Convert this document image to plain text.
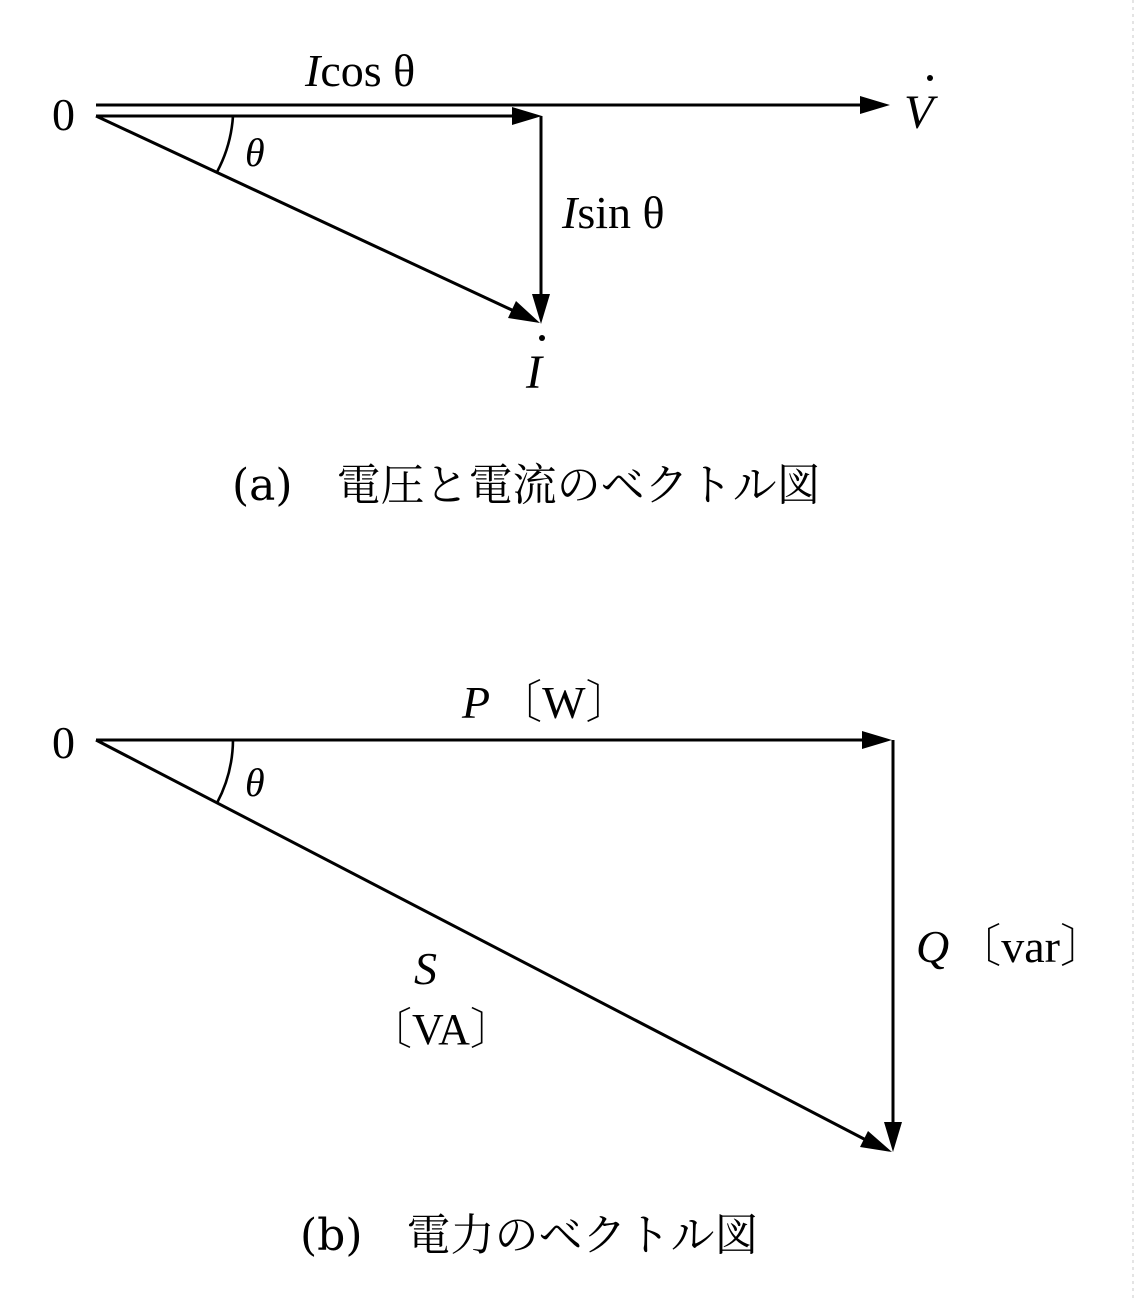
0
θ
Icos θ
Isin θ
V
I
(a)　電圧と電流のベクトル図
0
θ
P 〔W〕
Q 〔var〕
S
〔VA〕
(b)　電力のベクトル図
